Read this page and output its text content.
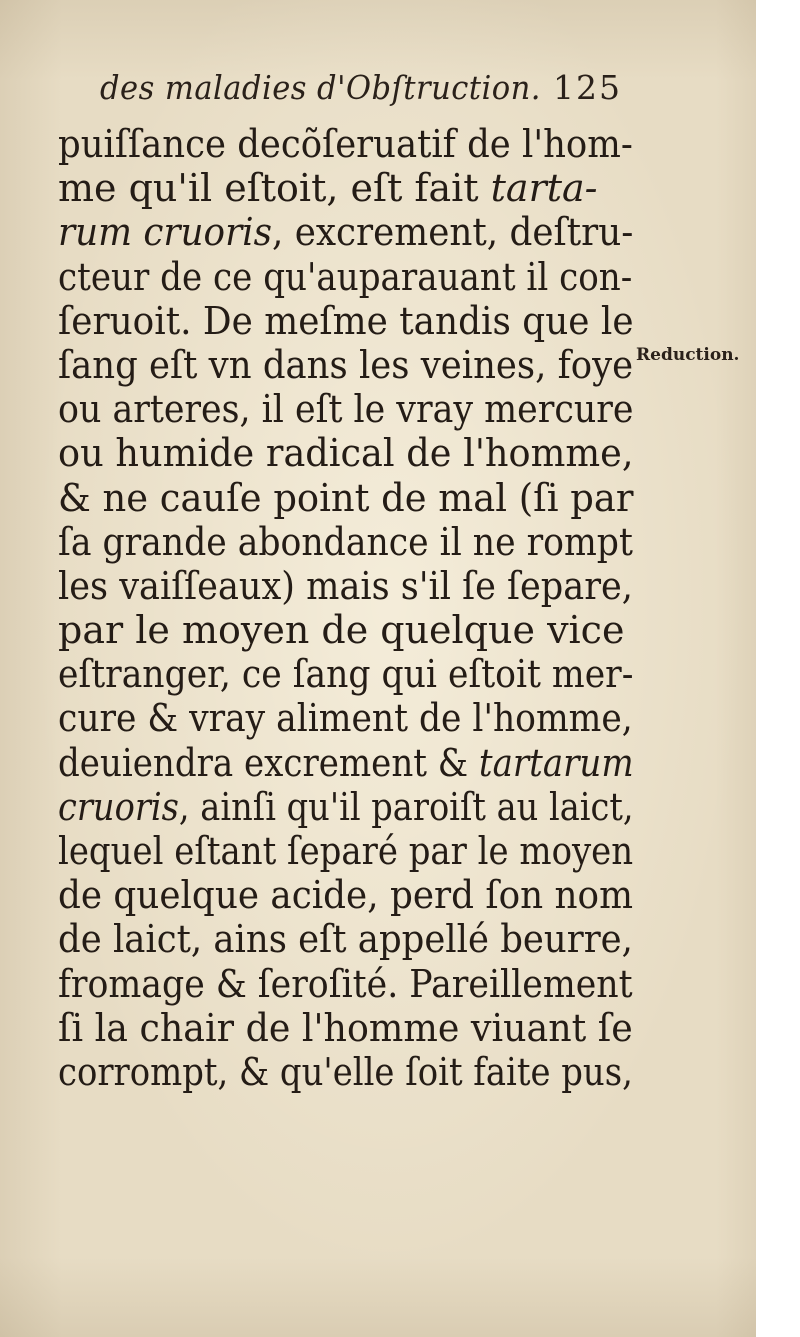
des maladies d'Obſtruction. 125
Reduction.
puiſſance decõſeruatif de l'hom-
me qu'il eſtoit, eſt fait tarta-
rum cruoris, excrement, deſtru-
cteur de ce qu'auparauant il con-
ſeruoit. De meſme tandis que le
ſang eſt vn dans les veines, foye
ou arteres, il eſt le vray mercure
ou humide radical de l'homme,
& ne cauſe point de mal (ſi par
ſa grande abondance il ne rompt
les vaiſſeaux) mais s'il ſe ſepare,
par le moyen de quelque vice
eſtranger, ce ſang qui eſtoit mer-
cure & vray aliment de l'homme,
deuiendra excrement & tartarum
cruoris, ainſi qu'il paroiſt au laict,
lequel eſtant ſeparé par le moyen
de quelque acide, perd ſon nom
de laict, ains eſt appellé beurre,
fromage & ſeroſité. Pareillement
ſi la chair de l'homme viuant ſe
corrompt, & qu'elle ſoit faite pus,
